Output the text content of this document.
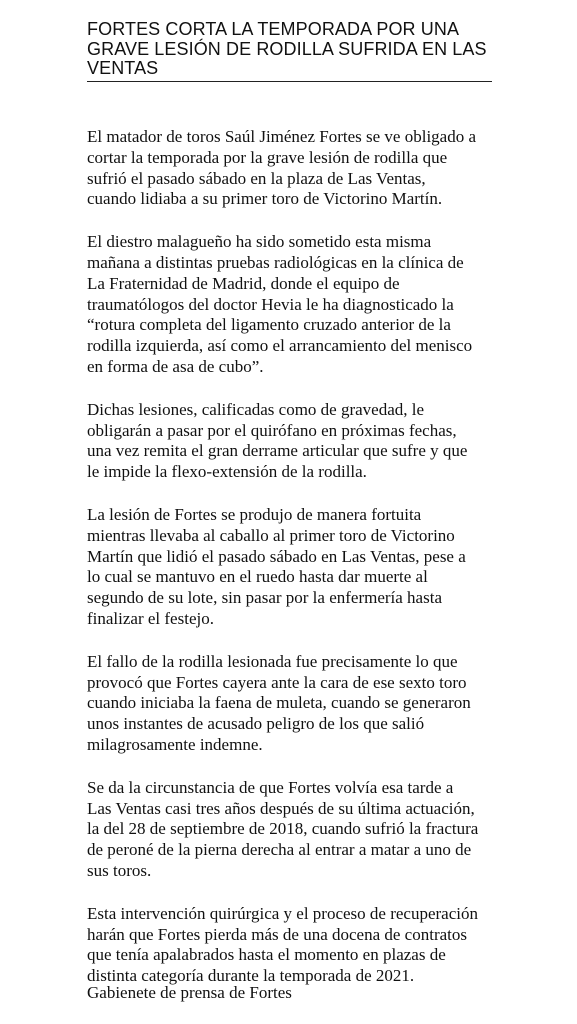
FORTES CORTA LA TEMPORADA POR UNA
GRAVE LESIÓN DE RODILLA SUFRIDA EN LAS
VENTAS
El matador de toros Saúl Jiménez Fortes se ve obligado a
cortar la temporada por la grave lesión de rodilla que
sufrió el pasado sábado en la plaza de Las Ventas,
cuando lidiaba a su primer toro de Victorino Martín.
El diestro malagueño ha sido sometido esta misma
mañana a distintas pruebas radiológicas en la clínica de
La Fraternidad de Madrid, donde el equipo de
traumatólogos del doctor Hevia le ha diagnosticado la
“rotura completa del ligamento cruzado anterior de la
rodilla izquierda, así como el arrancamiento del menisco
en forma de asa de cubo”.
Dichas lesiones, calificadas como de gravedad, le
obligarán a pasar por el quirófano en próximas fechas,
una vez remita el gran derrame articular que sufre y que
le impide la flexo-extensión de la rodilla.
La lesión de Fortes se produjo de manera fortuita
mientras llevaba al caballo al primer toro de Victorino
Martín que lidió el pasado sábado en Las Ventas, pese a
lo cual se mantuvo en el ruedo hasta dar muerte al
segundo de su lote, sin pasar por la enfermería hasta
finalizar el festejo.
El fallo de la rodilla lesionada fue precisamente lo que
provocó que Fortes cayera ante la cara de ese sexto toro
cuando iniciaba la faena de muleta, cuando se generaron
unos instantes de acusado peligro de los que salió
milagrosamente indemne.
Se da la circunstancia de que Fortes volvía esa tarde a
Las Ventas casi tres años después de su última actuación,
la del 28 de septiembre de 2018, cuando sufrió la fractura
de peroné de la pierna derecha al entrar a matar a uno de
sus toros.
Esta intervención quirúrgica y el proceso de recuperación
harán que Fortes pierda más de una docena de contratos
que tenía apalabrados hasta el momento en plazas de
distinta categoría durante la temporada de 2021.
Gabienete de prensa de Fortes
